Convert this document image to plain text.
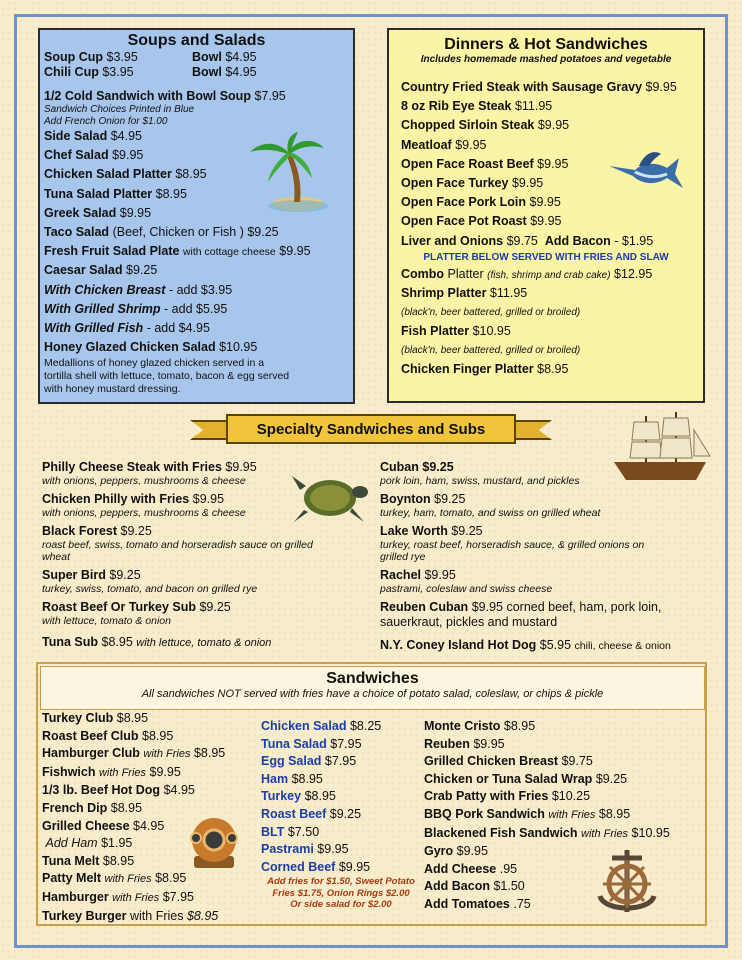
Soups and Salads
Soup Cup $3.95	Bowl $4.95
Chili Cup $3.95	Bowl $4.95
1/2 Cold Sandwich with Bowl Soup $7.95
Sandwich Choices Printed in Blue
Add French Onion for $1.00
Side Salad $4.95
Chef Salad $9.95
Chicken Salad Platter $8.95
Tuna Salad Platter $8.95
Greek Salad $9.95
Taco Salad (Beef, Chicken or Fish ) $9.25
Fresh Fruit Salad Plate with cottage cheese $9.95
Caesar Salad $9.25
With Chicken Breast - add $3.95
With Grilled Shrimp - add $5.95
With Grilled Fish - add $4.95
Honey Glazed Chicken Salad $10.95
Medallions of honey glazed chicken served in a
tortilla shell with lettuce, tomato, bacon & egg served
with honey mustard dressing.
Dinners & Hot Sandwiches
Includes homemade mashed potatoes and vegetable
Country Fried Steak with Sausage Gravy $9.95
8 oz Rib Eye Steak $11.95
Chopped Sirloin Steak $9.95
Meatloaf $9.95
Open Face Roast Beef $9.95
Open Face Turkey $9.95
Open Face Pork Loin $9.95
Open Face Pot Roast $9.95
Liver and Onions $9.75 Add Bacon - $1.95
PLATTER BELOW SERVED WITH FRIES AND SLAW
Combo Platter (fish, shrimp and crab cake) $12.95
Shrimp Platter $11.95
(black'n, beer battered, grilled or broiled)
Fish Platter $10.95
(black'n, beer battered, grilled or broiled)
Chicken Finger Platter $8.95
Specialty Sandwiches and Subs
Philly Cheese Steak with Fries $9.95
with onions, peppers, mushrooms & cheese
Chicken Philly with Fries $9.95
with onions, peppers, mushrooms & cheese
Black Forest $9.25
roast beef, swiss, tomato and horseradish sauce on grilled
wheat
Super Bird $9.25
turkey, swiss, tomato, and bacon on grilled rye
Roast Beef Or Turkey Sub $9.25
with lettuce, tomato & onion
Tuna Sub $8.95 with lettuce, tomato & onion
Cuban $9.25
pork loin, ham, swiss, mustard, and pickles
Boynton $9.25
turkey, ham, tomato, and swiss on grilled wheat
Lake Worth $9.25
turkey, roast beef, horseradish sauce, & grilled onions on
grilled rye
Rachel $9.95
pastrami, coleslaw and swiss cheese
Reuben Cuban $9.95 corned beef, ham, pork loin,
sauerkraut, pickles and mustard
N.Y. Coney Island Hot Dog $5.95 chili, cheese & onion
Sandwiches
All sandwiches NOT served with fries have a choice of potato salad, coleslaw, or chips & pickle
Turkey Club $8.95
Roast Beef Club $8.95
Hamburger Club with Fries $8.95
Fishwich with Fries $9.95
1/3 lb. Beef Hot Dog $4.95
French Dip $8.95
Grilled Cheese $4.95
Add Ham $1.95
Tuna Melt $8.95
Patty Melt with Fries $8.95
Hamburger with Fries $7.95
Turkey Burger with Fries $8.95
Chicken Salad $8.25
Tuna Salad $7.95
Egg Salad $7.95
Ham $8.95
Turkey $8.95
Roast Beef $9.25
BLT $7.50
Pastrami $9.95
Corned Beef $9.95
Add fries for $1.50, Sweet Potato
Fries $1.75, Onion Rings $2.00
Or side salad for $2.00
Monte Cristo $8.95
Reuben $9.95
Grilled Chicken Breast $9.75
Chicken or Tuna Salad Wrap $9.25
Crab Patty with Fries $10.25
BBQ Pork Sandwich with Fries $8.95
Blackened Fish Sandwich with Fries $10.95
Gyro $9.95
Add Cheese .95
Add Bacon $1.50
Add Tomatoes .75
